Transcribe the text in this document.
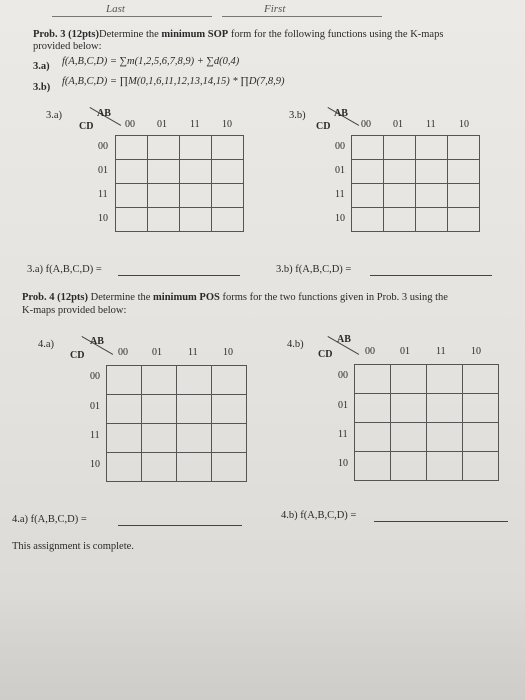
Last	First
Prob. 3 (12pts)Determine the minimum SOP form for the following functions using the K-maps
provided below:
3.a) f(A,B,C,D) = ∑m(1,2,5,6,7,8,9) + ∑d(0,4)
3.b)
f(A,B,C,D) = ∏M(0,1,6,11,12,13,14,15) * ∏D(7,8,9)
3.a)	AB
CD	00 01 11 10
00
01
11
10

3.b)	AB
CD	00 01 11 10
00
01
11
10

3.a) f(A,B,C,D) =	3.b) f(A,B,C,D) =
Prob. 4 (12pts) Determine the minimum POS forms for the two functions given in Prob. 3 using the
K-maps provided below:
4.a)	AB
CD	00 01	11	10
00
01
11
10

4.b)	AB
CD	00	01	11	10
00
01
11
10

4.a) f(A,B,C,D) =	4.b) f(A,B,C,D) =
This assignment is complete.
